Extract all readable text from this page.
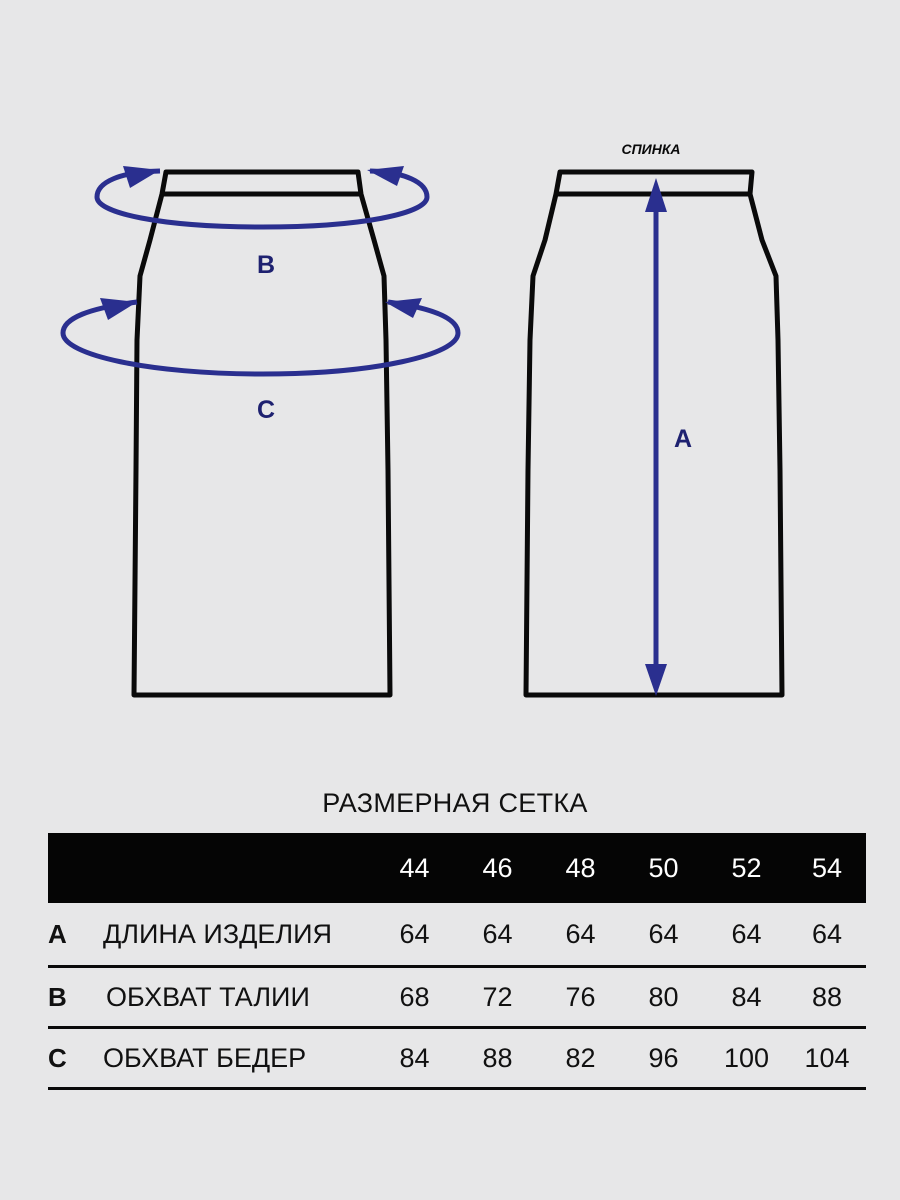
B
C
СПИНКА
A
РАЗМЕРНАЯ СЕТКА
		44	46	48	50	52	54
A	ДЛИНА ИЗДЕЛИЯ	64	64	64	64	64	64
B	ОБХВАТ ТАЛИИ	68	72	76	80	84	88
C	ОБХВАТ БЕДЕР	84	88	82	96	100	104
